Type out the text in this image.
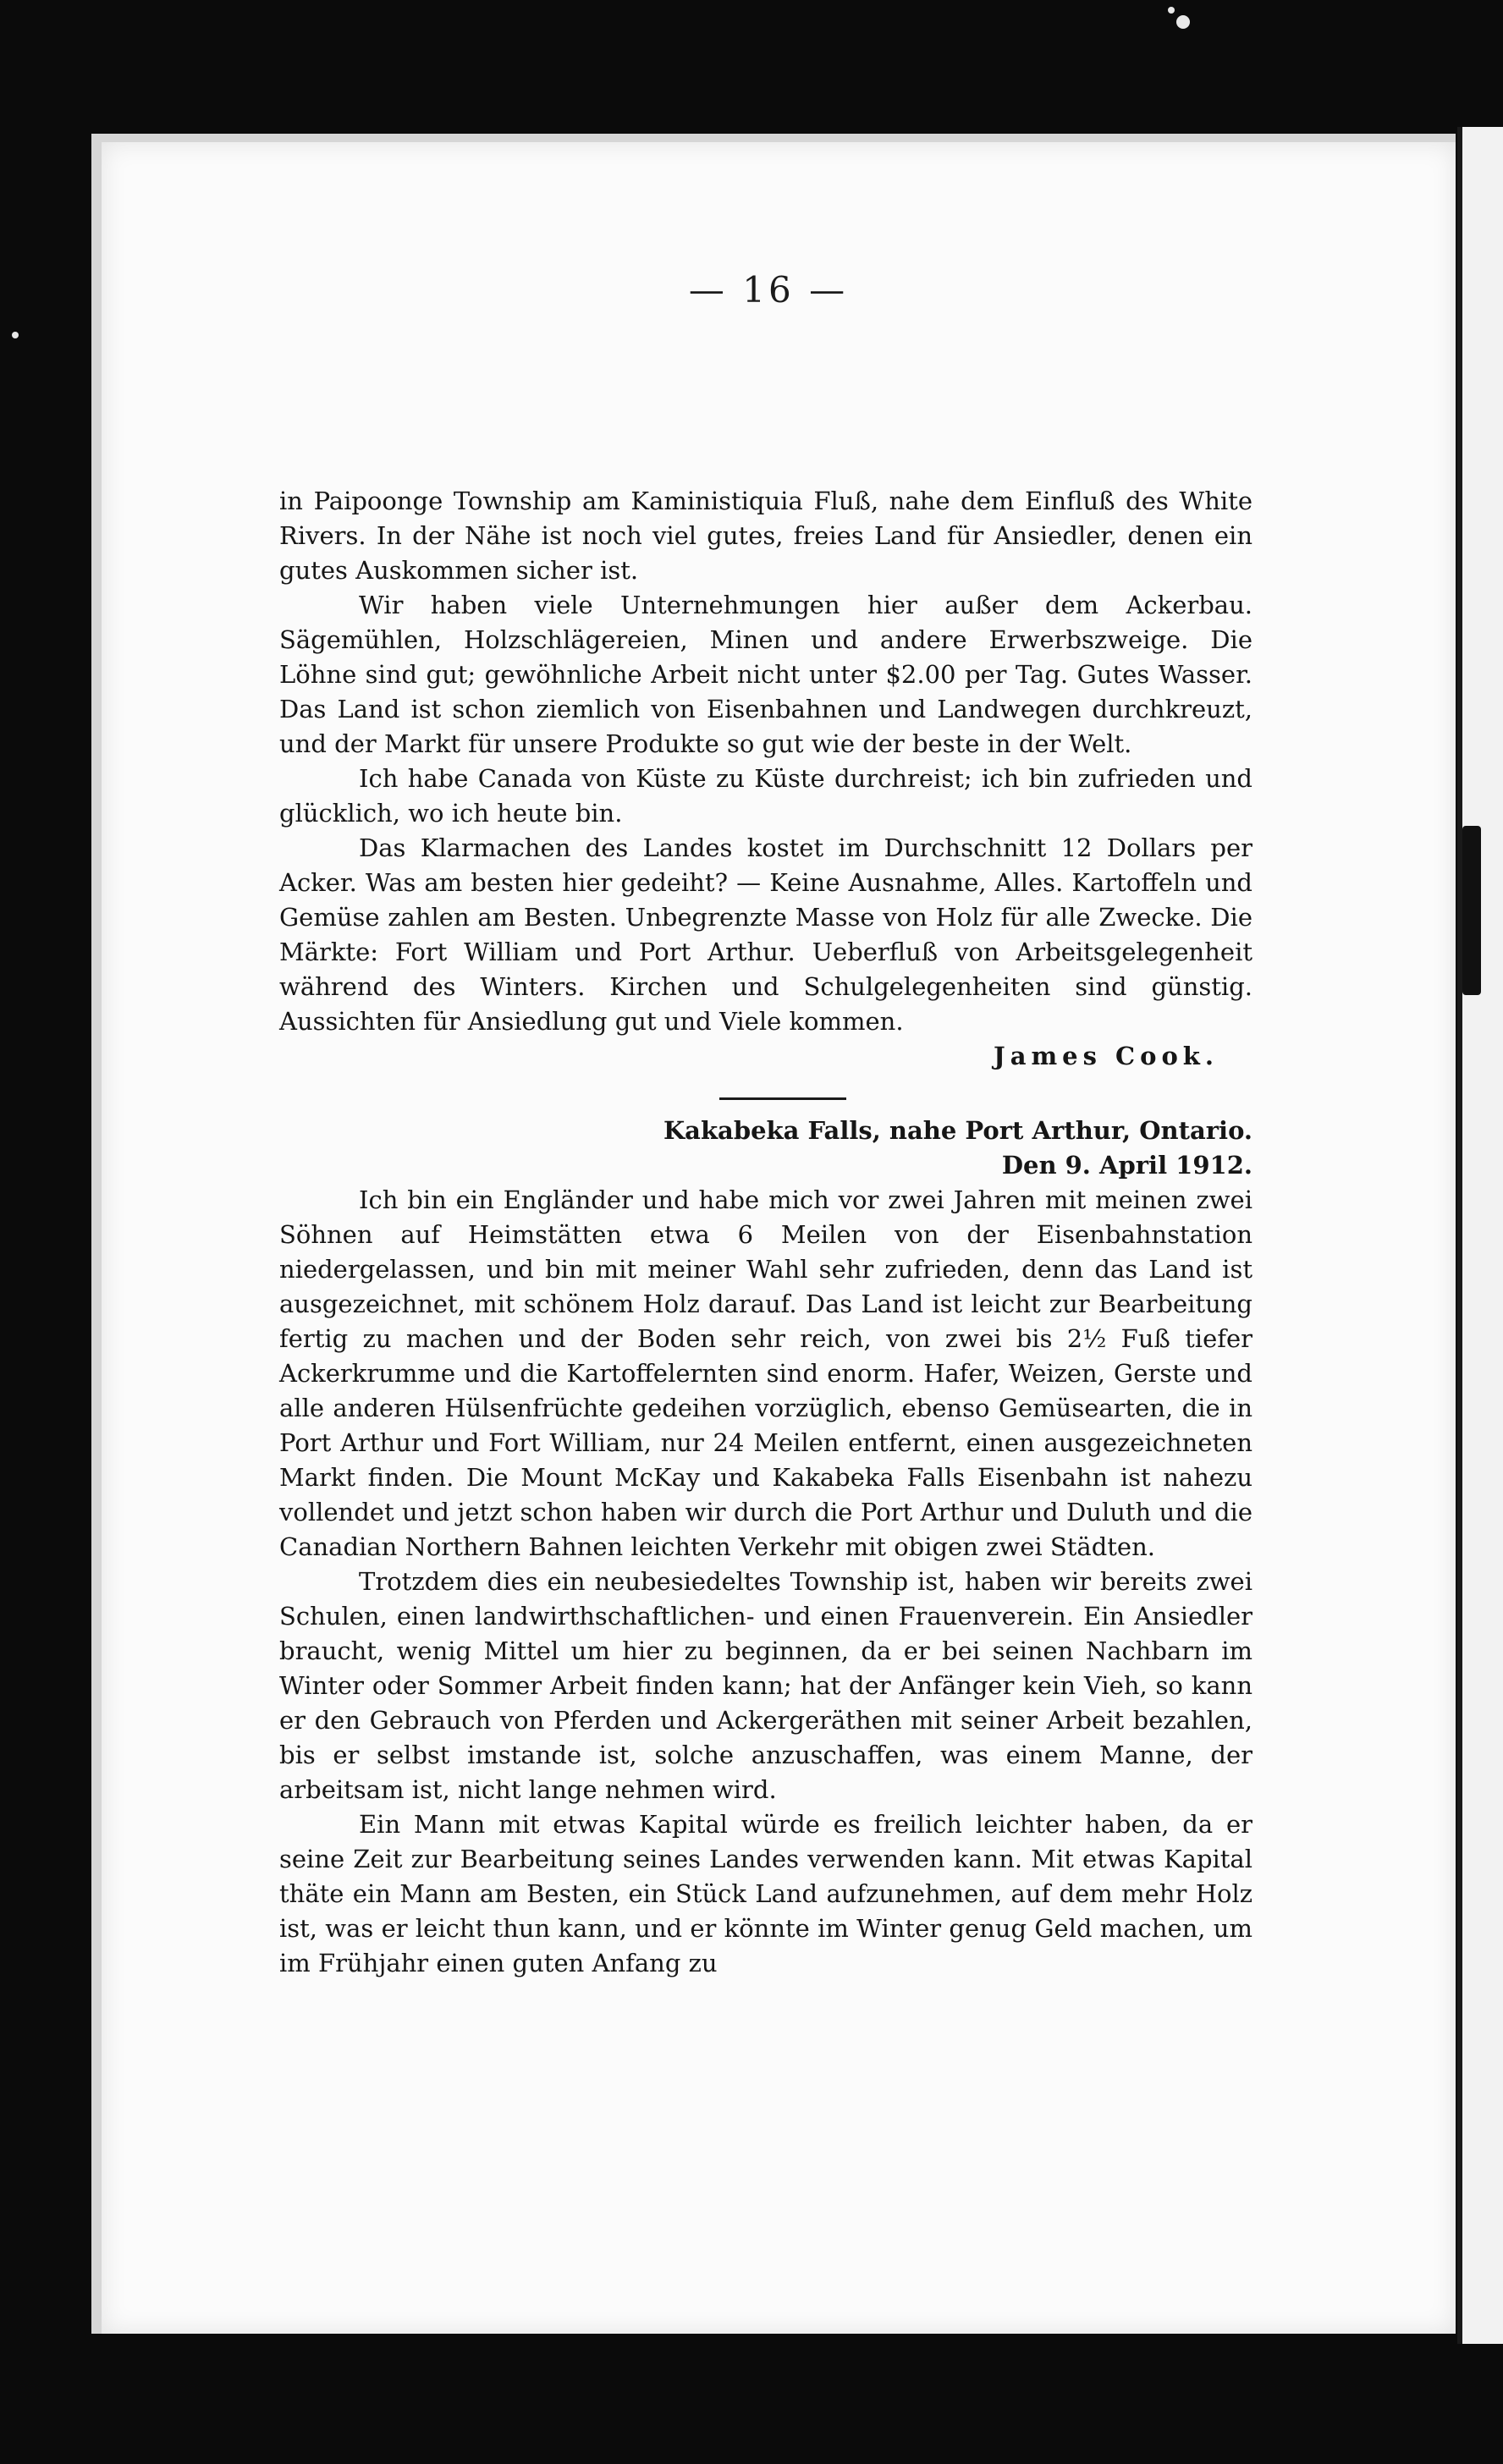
— 16 —

in Paipoonge Township am Kaministiquia Fluß, nahe dem Einfluß des White Rivers. In der Nähe ist noch viel gutes, freies Land für Ansiedler, denen ein gutes Auskommen sicher ist.

Wir haben viele Unternehmungen hier außer dem Ackerbau. Sägemühlen, Holzschlägereien, Minen und andere Erwerbszweige. Die Löhne sind gut; gewöhnliche Arbeit nicht unter $2.00 per Tag. Gutes Wasser. Das Land ist schon ziemlich von Eisenbahnen und Landwegen durchkreuzt, und der Markt für unsere Produkte so gut wie der beste in der Welt.

Ich habe Canada von Küste zu Küste durchreist; ich bin zufrieden und glücklich, wo ich heute bin.

Das Klarmachen des Landes kostet im Durchschnitt 12 Dollars per Acker. Was am besten hier gedeiht? — Keine Ausnahme, Alles. Kartoffeln und Gemüse zahlen am Besten. Unbegrenzte Masse von Holz für alle Zwecke. Die Märkte: Fort William und Port Arthur. Ueberfluß von Arbeitsgelegenheit während des Winters. Kirchen und Schulgelegenheiten sind günstig. Aussichten für Ansiedlung gut und Viele kommen.

James Cook.

Kakabeka Falls, nahe Port Arthur, Ontario.

Den 9. April 1912.

Ich bin ein Engländer und habe mich vor zwei Jahren mit meinen zwei Söhnen auf Heimstätten etwa 6 Meilen von der Eisenbahnstation niedergelassen, und bin mit meiner Wahl sehr zufrieden, denn das Land ist ausgezeichnet, mit schönem Holz darauf. Das Land ist leicht zur Bearbeitung fertig zu machen und der Boden sehr reich, von zwei bis 2½ Fuß tiefer Ackerkrumme und die Kartoffelernten sind enorm. Hafer, Weizen, Gerste und alle anderen Hülsenfrüchte gedeihen vorzüglich, ebenso Gemüsearten, die in Port Arthur und Fort William, nur 24 Meilen entfernt, einen ausgezeichneten Markt finden. Die Mount McKay und Kakabeka Falls Eisenbahn ist nahezu vollendet und jetzt schon haben wir durch die Port Arthur und Duluth und die Canadian Northern Bahnen leichten Verkehr mit obigen zwei Städten.

Trotzdem dies ein neubesiedeltes Township ist, haben wir bereits zwei Schulen, einen landwirthschaftlichen- und einen Frauenverein. Ein Ansiedler braucht, wenig Mittel um hier zu beginnen, da er bei seinen Nachbarn im Winter oder Sommer Arbeit finden kann; hat der Anfänger kein Vieh, so kann er den Gebrauch von Pferden und Ackergeräthen mit seiner Arbeit bezahlen, bis er selbst imstande ist, solche anzuschaffen, was einem Manne, der arbeitsam ist, nicht lange nehmen wird.

Ein Mann mit etwas Kapital würde es freilich leichter haben, da er seine Zeit zur Bearbeitung seines Landes verwenden kann. Mit etwas Kapital thäte ein Mann am Besten, ein Stück Land aufzunehmen, auf dem mehr Holz ist, was er leicht thun kann, und er könnte im Winter genug Geld machen, um im Frühjahr einen guten Anfang zu
